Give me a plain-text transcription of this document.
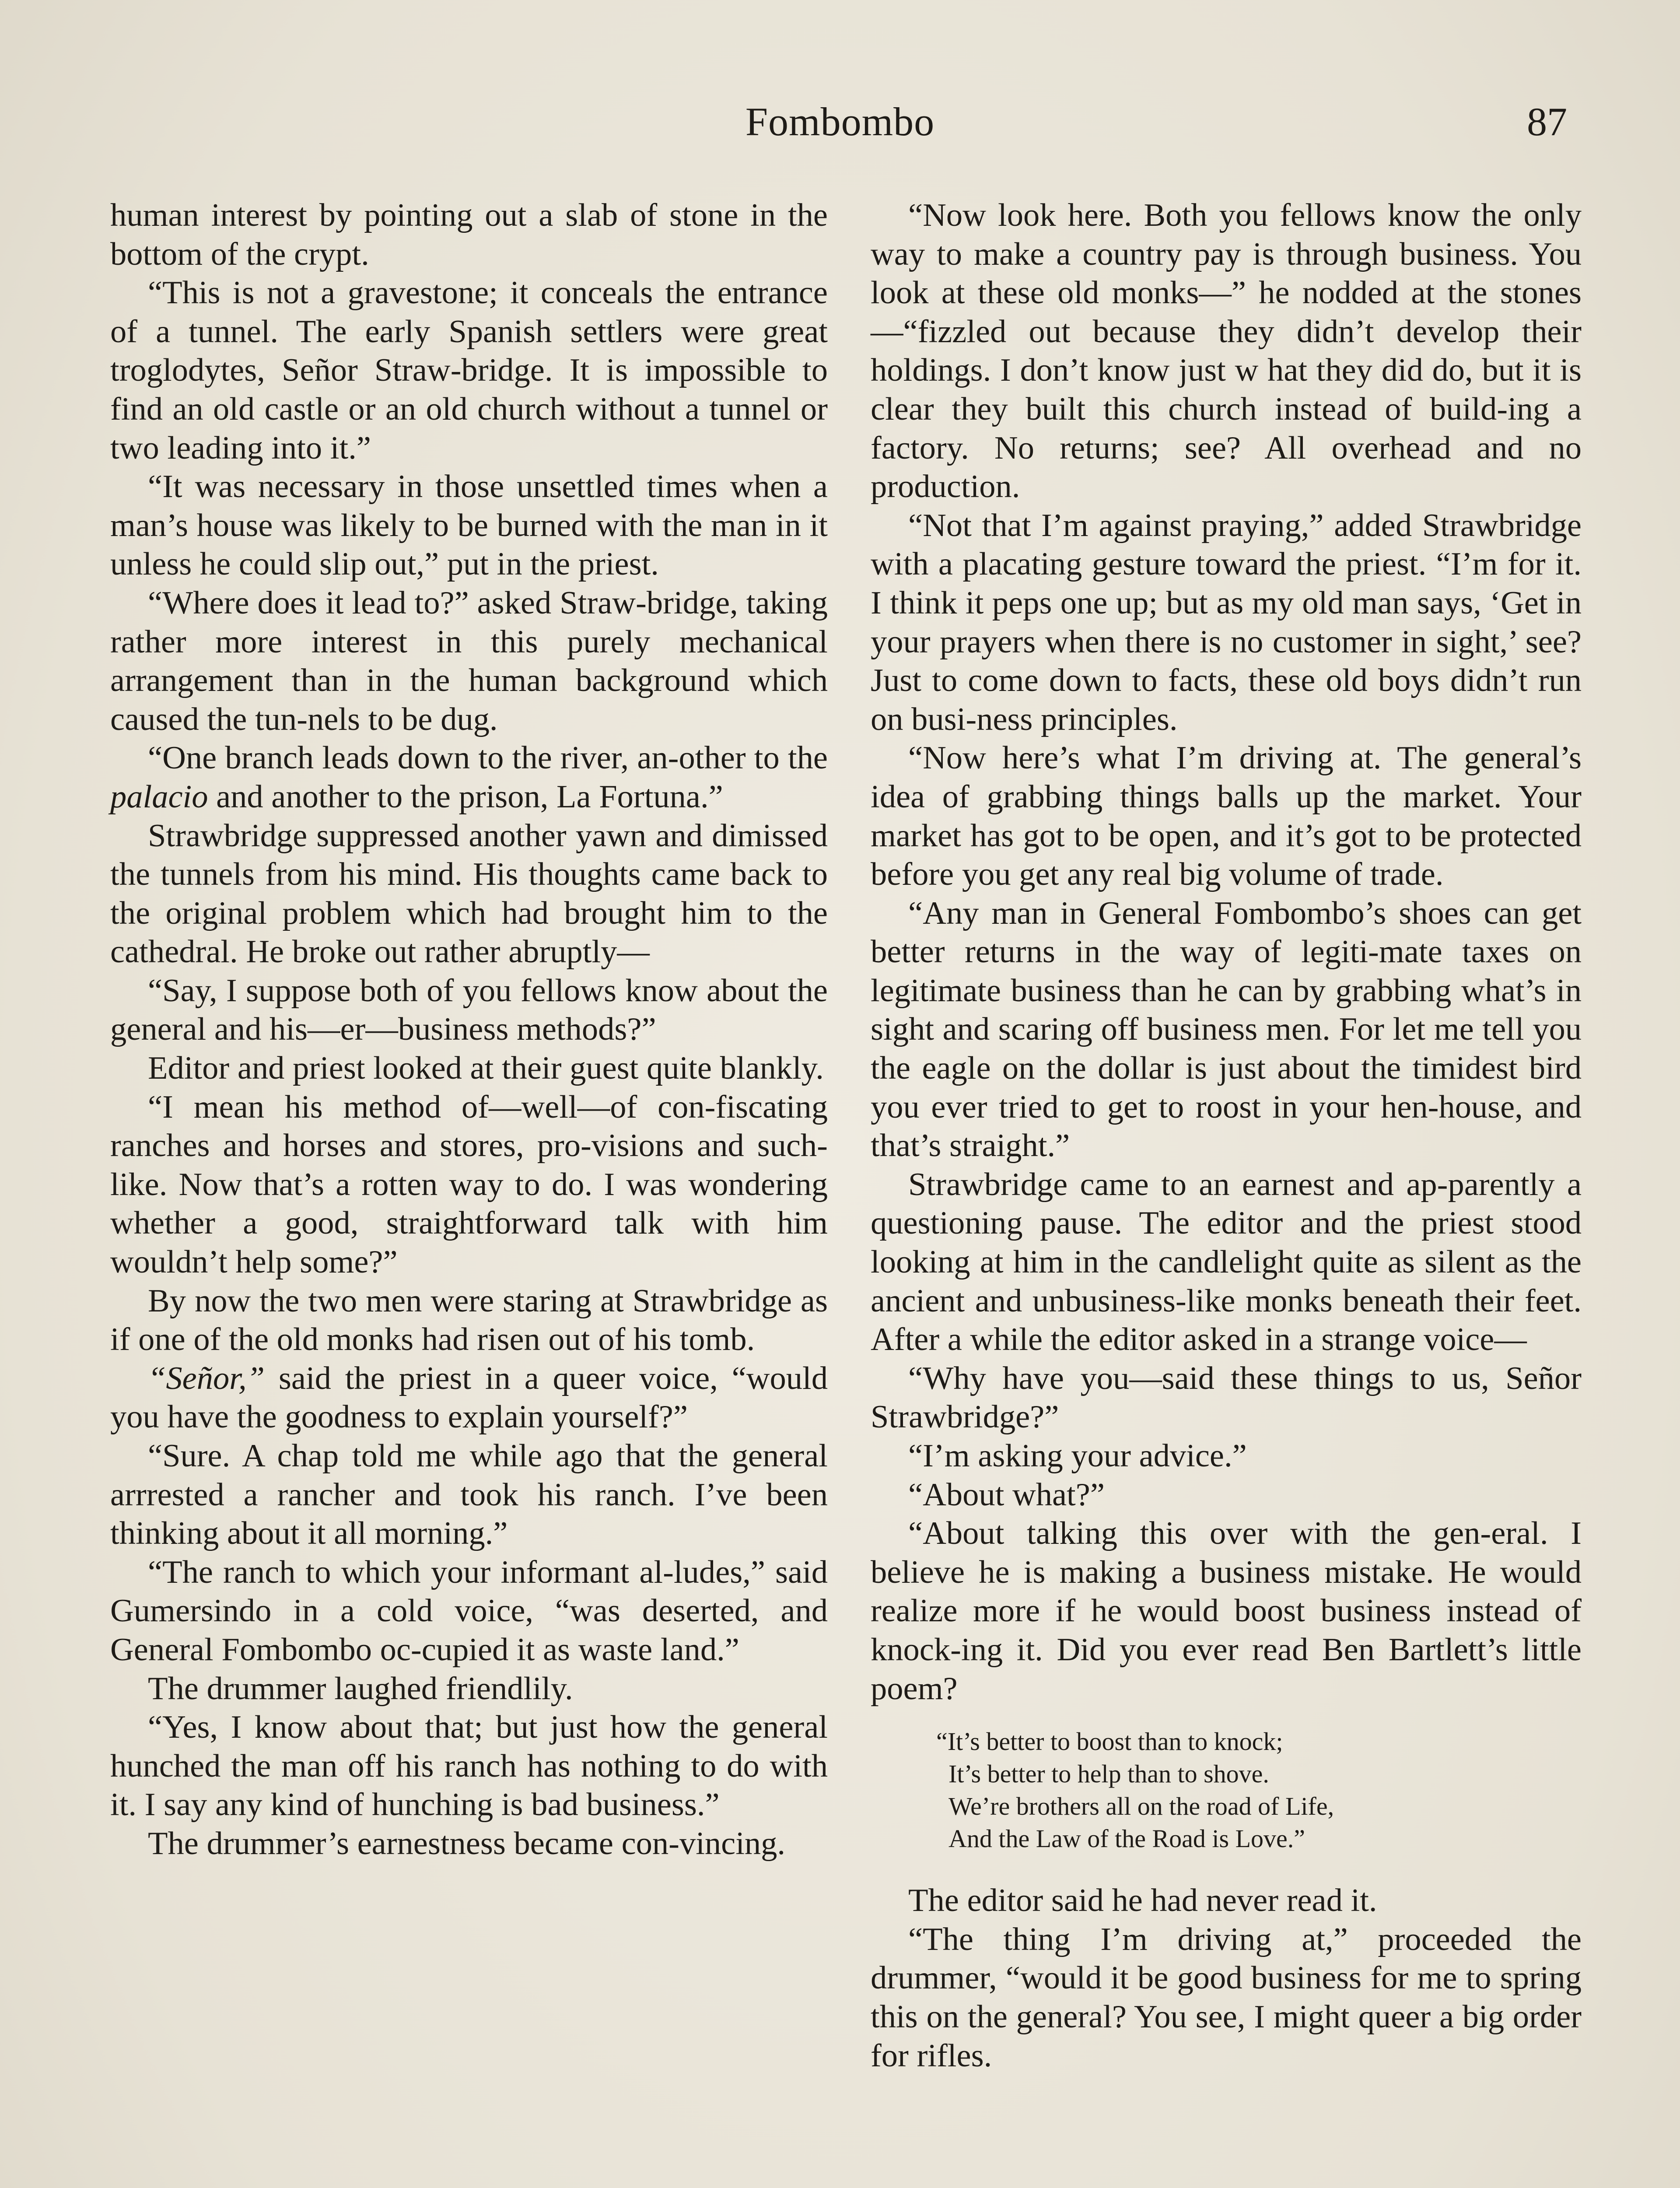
Fombombo	87

human interest by pointing out a slab of stone in the bottom of the crypt.

“This is not a gravestone; it conceals the entrance of a tunnel. The early Spanish settlers were great troglodytes, Señor Straw-bridge. It is impossible to find an old castle or an old church without a tunnel or two leading into it.”

“It was necessary in those unsettled times when a man’s house was likely to be burned with the man in it unless he could slip out,” put in the priest.

“Where does it lead to?” asked Straw-bridge, taking rather more interest in this purely mechanical arrangement than in the human background which caused the tun-nels to be dug.

“One branch leads down to the river, an-other to the palacio and another to the prison, La Fortuna.”

Strawbridge suppressed another yawn and dimissed the tunnels from his mind. His thoughts came back to the original problem which had brought him to the cathedral. He broke out rather abruptly—

“Say, I suppose both of you fellows know about the general and his—er—business methods?”

Editor and priest looked at their guest quite blankly.

“I mean his method of—well—of con-fiscating ranches and horses and stores, pro-visions and such-like. Now that’s a rotten way to do. I was wondering whether a good, straightforward talk with him wouldn’t help some?”

By now the two men were staring at Strawbridge as if one of the old monks had risen out of his tomb.

“Señor,” said the priest in a queer voice, “would you have the goodness to explain yourself?”

“Sure. A chap told me while ago that the general arrrested a rancher and took his ranch. I’ve been thinking about it all morning.”

“The ranch to which your informant al-ludes,” said Gumersindo in a cold voice, “was deserted, and General Fombombo oc-cupied it as waste land.”

The drummer laughed friendlily.

“Yes, I know about that; but just how the general hunched the man off his ranch has nothing to do with it. I say any kind of hunching is bad business.”

The drummer’s earnestness became con-vincing.

“Now look here. Both you fellows know the only way to make a country pay is through business. You look at these old monks—” he nodded at the stones—“fizzled out because they didn’t develop their holdings. I don’t know just w hat they did do, but it is clear they built this church instead of build-ing a factory. No returns; see? All overhead and no production.

“Not that I’m against praying,” added Strawbridge with a placating gesture toward the priest. “I’m for it. I think it peps one up; but as my old man says, ‘Get in your prayers when there is no customer in sight,’ see? Just to come down to facts, these old boys didn’t run on busi-ness principles.

“Now here’s what I’m driving at. The general’s idea of grabbing things balls up the market. Your market has got to be open, and it’s got to be protected before you get any real big volume of trade.

“Any man in General Fombombo’s shoes can get better returns in the way of legiti-mate taxes on legitimate business than he can by grabbing what’s in sight and scaring off business men. For let me tell you the eagle on the dollar is just about the timidest bird you ever tried to get to roost in your hen-house, and that’s straight.”

Strawbridge came to an earnest and ap-parently a questioning pause. The editor and the priest stood looking at him in the candlelight quite as silent as the ancient and unbusiness-like monks beneath their feet. After a while the editor asked in a strange voice—

“Why have you—said these things to us, Señor Strawbridge?”

“I’m asking your advice.”

“About what?”

“About talking this over with the gen-eral. I believe he is making a business mistake. He would realize more if he would boost business instead of knock-ing it. Did you ever read Ben Bartlett’s little poem?

“It’s better to boost than to knock;
It’s better to help than to shove.
We’re brothers all on the road of Life,
And the Law of the Road is Love.”

The editor said he had never read it.

“The thing I’m driving at,” proceeded the drummer, “would it be good business for me to spring this on the general? You see, I might queer a big order for rifles.
